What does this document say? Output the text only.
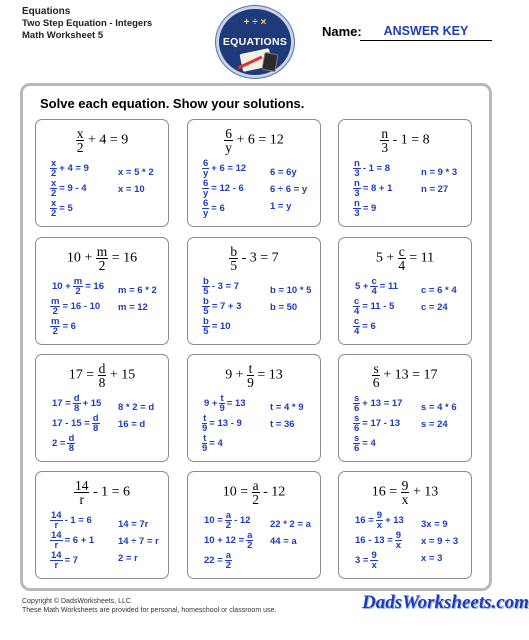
Equations
Two Step Equation - Integers
Math Worksheet 5
+ ÷ ×
EQUATIONS
Name:	ANSWER KEY
Solve each equation. Show your solutions.
$\frac{x}{2} + 4 = 9$
$\frac{x}{2} + 4 = 9$
$\frac{x}{2} = 9 - 4$
$\frac{x}{2} = 5$
x = 5 * 2
x = 10
$\frac{6}{y} + 6 = 12$
$\frac{6}{y} + 6 = 12$
$\frac{6}{y} = 12 - 6$
$\frac{6}{y} = 6$
6 = 6y
6 ÷ 6 = y
1 = y
$\frac{n}{3} - 1 = 8$
$\frac{n}{3} - 1 = 8$
$\frac{n}{3} = 8 + 1$
$\frac{n}{3} = 9$
n = 9 * 3
n = 27
$10 + \frac{m}{2} = 16$
$10 + \frac{m}{2} = 16$
$\frac{m}{2} = 16 - 10$
$\frac{m}{2} = 6$
m = 6 * 2
m = 12
$\frac{b}{5} - 3 = 7$
$\frac{b}{5} - 3 = 7$
$\frac{b}{5} = 7 + 3$
$\frac{b}{5} = 10$
b = 10 * 5
b = 50
$5 + \frac{c}{4} = 11$
$5 + \frac{c}{4} = 11$
$\frac{c}{4} = 11 - 5$
$\frac{c}{4} = 6$
c = 6 * 4
c = 24
$17 = \frac{d}{8} + 15$
$17 = \frac{d}{8} + 15$
$17 - 15 = \frac{d}{8}$
$2 = \frac{d}{8}$
8 * 2 = d
16 = d
$9 + \frac{t}{9} = 13$
$9 + \frac{t}{9} = 13$
$\frac{t}{9} = 13 - 9$
$\frac{t}{9} = 4$
t = 4 * 9
t = 36
$\frac{s}{6} + 13 = 17$
$\frac{s}{6} + 13 = 17$
$\frac{s}{6} = 17 - 13$
$\frac{s}{6} = 4$
s = 4 * 6
s = 24
$\frac{14}{r} - 1 = 6$
$\frac{14}{r} - 1 = 6$
$\frac{14}{r} = 6 + 1$
$\frac{14}{r} = 7$
14 = 7r
14 ÷ 7 = r
2 = r
$10 = \frac{a}{2} - 12$
$10 = \frac{a}{2} - 12$
$10 + 12 = \frac{a}{2}$
$22 = \frac{a}{2}$
22 * 2 = a
44 = a
$16 = \frac{9}{x} + 13$
$16 = \frac{9}{x} + 13$
$16 - 13 = \frac{9}{x}$
$3 = \frac{9}{x}$
3x = 9
x = 9 ÷ 3
x = 3
Copyright © DadsWorksheets, LLC
These Math Worksheets are provided for personal, homeschool or classroom use.	DadsWorksheets.com
